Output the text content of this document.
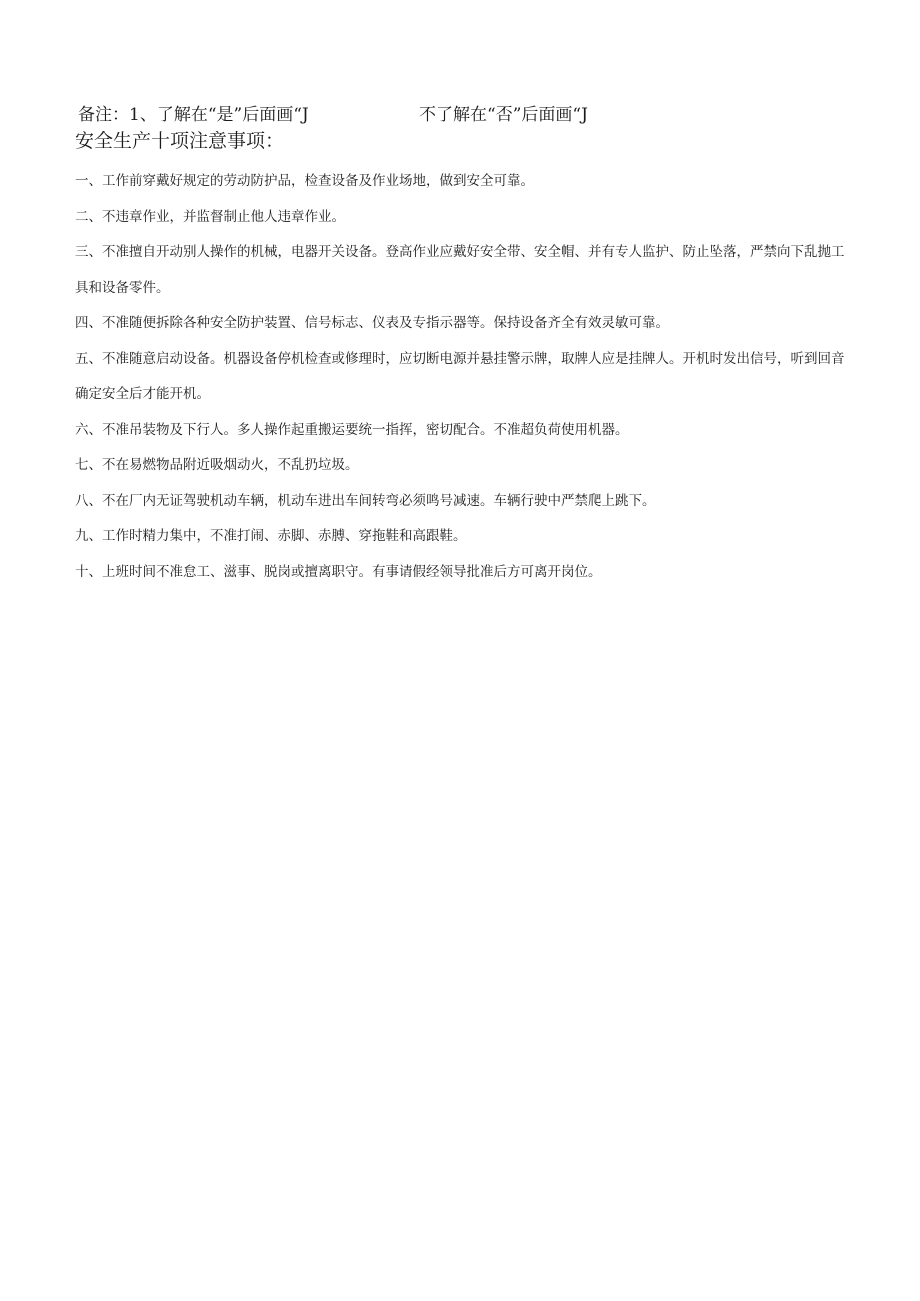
备注：1、了解在“是”后面画“J	不了解在“否”后面画“J
安全生产十项注意事项：
一、工作前穿戴好规定的劳动防护品，检查设备及作业场地，做到安全可靠。
二、不违章作业，并监督制止他人违章作业。
三、不准擅自开动别人操作的机械，电器开关设备。登高作业应戴好安全带、安全帽、并有专人监护、防止坠落，严禁向下乱抛工具和设备零件。
四、不准随便拆除各种安全防护装置、信号标志、仪表及专指示器等。保持设备齐全有效灵敏可靠。
五、不准随意启动设备。机器设备停机检查或修理时，应切断电源并悬挂警示牌，取牌人应是挂牌人。开机时发出信号，听到回音确定安全后才能开机。
六、不准吊装物及下行人。多人操作起重搬运要统一指挥，密切配合。不准超负荷使用机器。
七、不在易燃物品附近吸烟动火，不乱扔垃圾。
八、不在厂内无证驾驶机动车辆，机动车进出车间转弯必须鸣号减速。车辆行驶中严禁爬上跳下。
九、工作时精力集中，不准打闹、赤脚、赤膊、穿拖鞋和高跟鞋。
十、上班时间不准怠工、滋事、脱岗或擅离职守。有事请假经领导批准后方可离开岗位。
